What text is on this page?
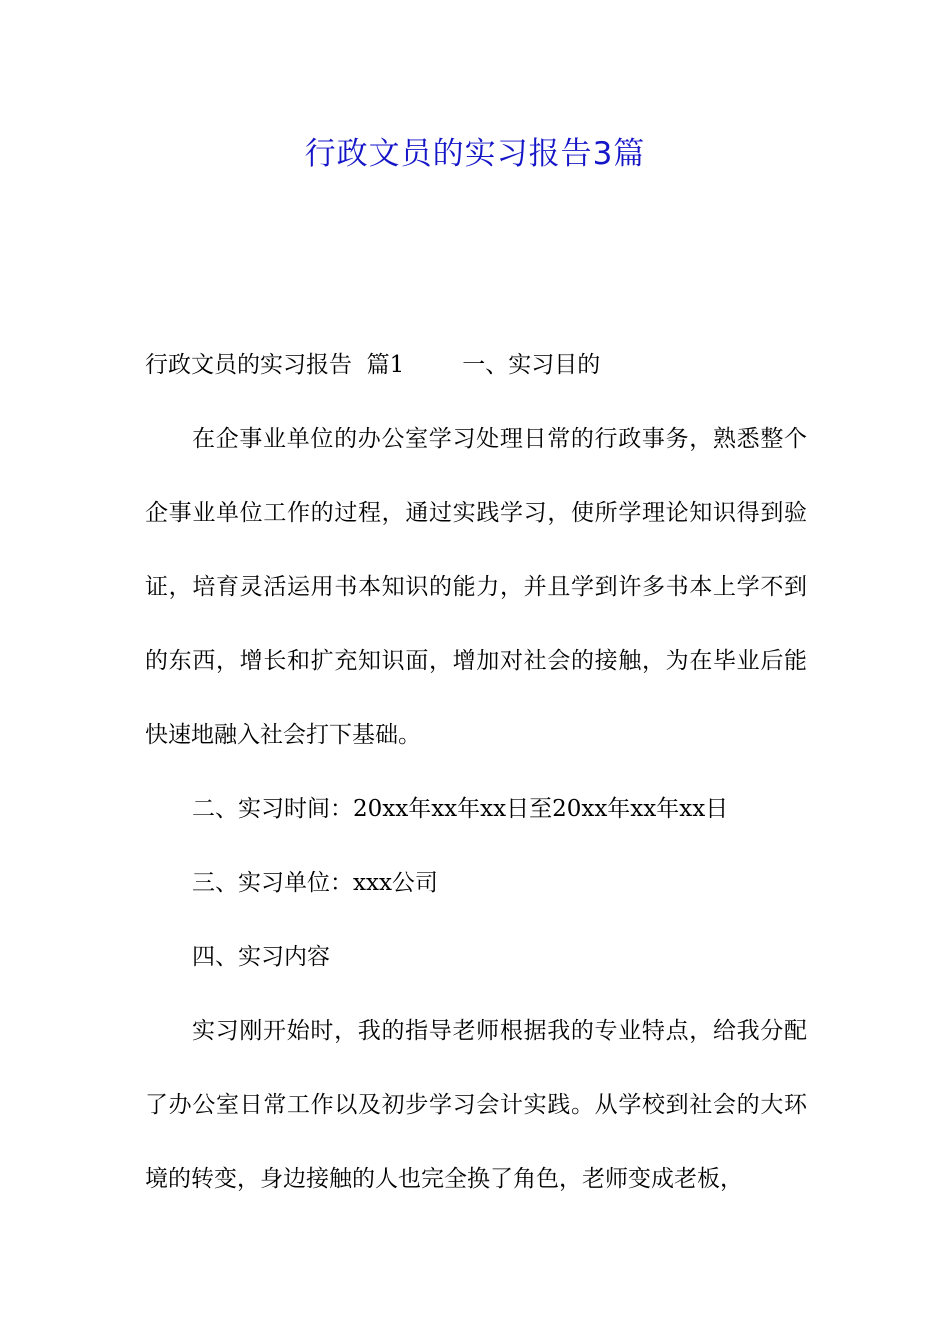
行政文员的实习报告3篇

行政文员的实习报告  篇1	一、实习目的

在企事业单位的办公室学习处理日常的行政事务，熟悉整个企事业单位工作的过程，通过实践学习，使所学理论知识得到验证，培育灵活运用书本知识的能力，并且学到许多书本上学不到的东西，增长和扩充知识面，增加对社会的接触，为在毕业后能快速地融入社会打下基础。

二、实习时间：20xx年xx年xx日至20xx年xx年xx日

三、实习单位：xxx公司

四、实习内容

实习刚开始时，我的指导老师根据我的专业特点，给我分配了办公室日常工作以及初步学习会计实践。从学校到社会的大环境的转变，身边接触的人也完全换了角色，老师变成老板，
